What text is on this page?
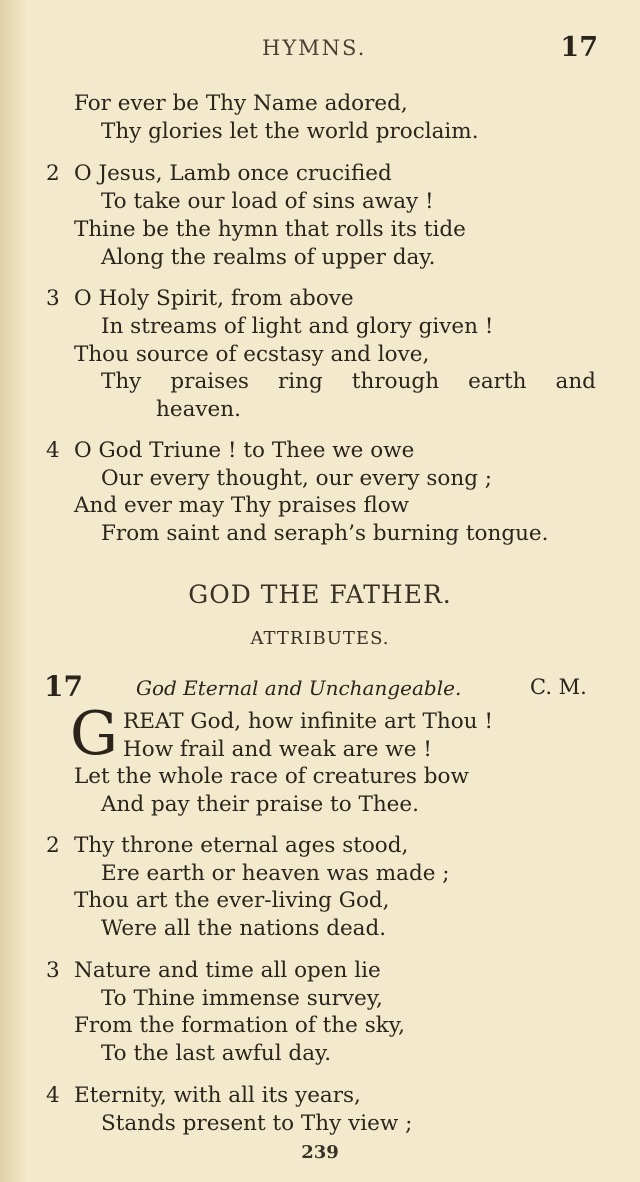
HYMNS.	17
For ever be Thy Name adored,
Thy glories let the world proclaim.
2 O Jesus, Lamb once crucified
To take our load of sins away !
Thine be the hymn that rolls its tide
Along the realms of upper day.
3 O Holy Spirit, from above
In streams of light and glory given !
Thou source of ecstasy and love,
Thy praises ring through earth and
heaven.
4 O God Triune ! to Thee we owe
Our every thought, our every song ;
And ever may Thy praises flow
From saint and seraph’s burning tongue.
GOD THE FATHER.
ATTRIBUTES.
17	God Eternal and Unchangeable.	C. M.
G REAT God, how infinite art Thou !
How frail and weak are we !
Let the whole race of creatures bow
And pay their praise to Thee.
2 Thy throne eternal ages stood,
Ere earth or heaven was made ;
Thou art the ever-living God,
Were all the nations dead.
3 Nature and time all open lie
To Thine immense survey,
From the formation of the sky,
To the last awful day.
4 Eternity, with all its years,
Stands present to Thy view ;
239
